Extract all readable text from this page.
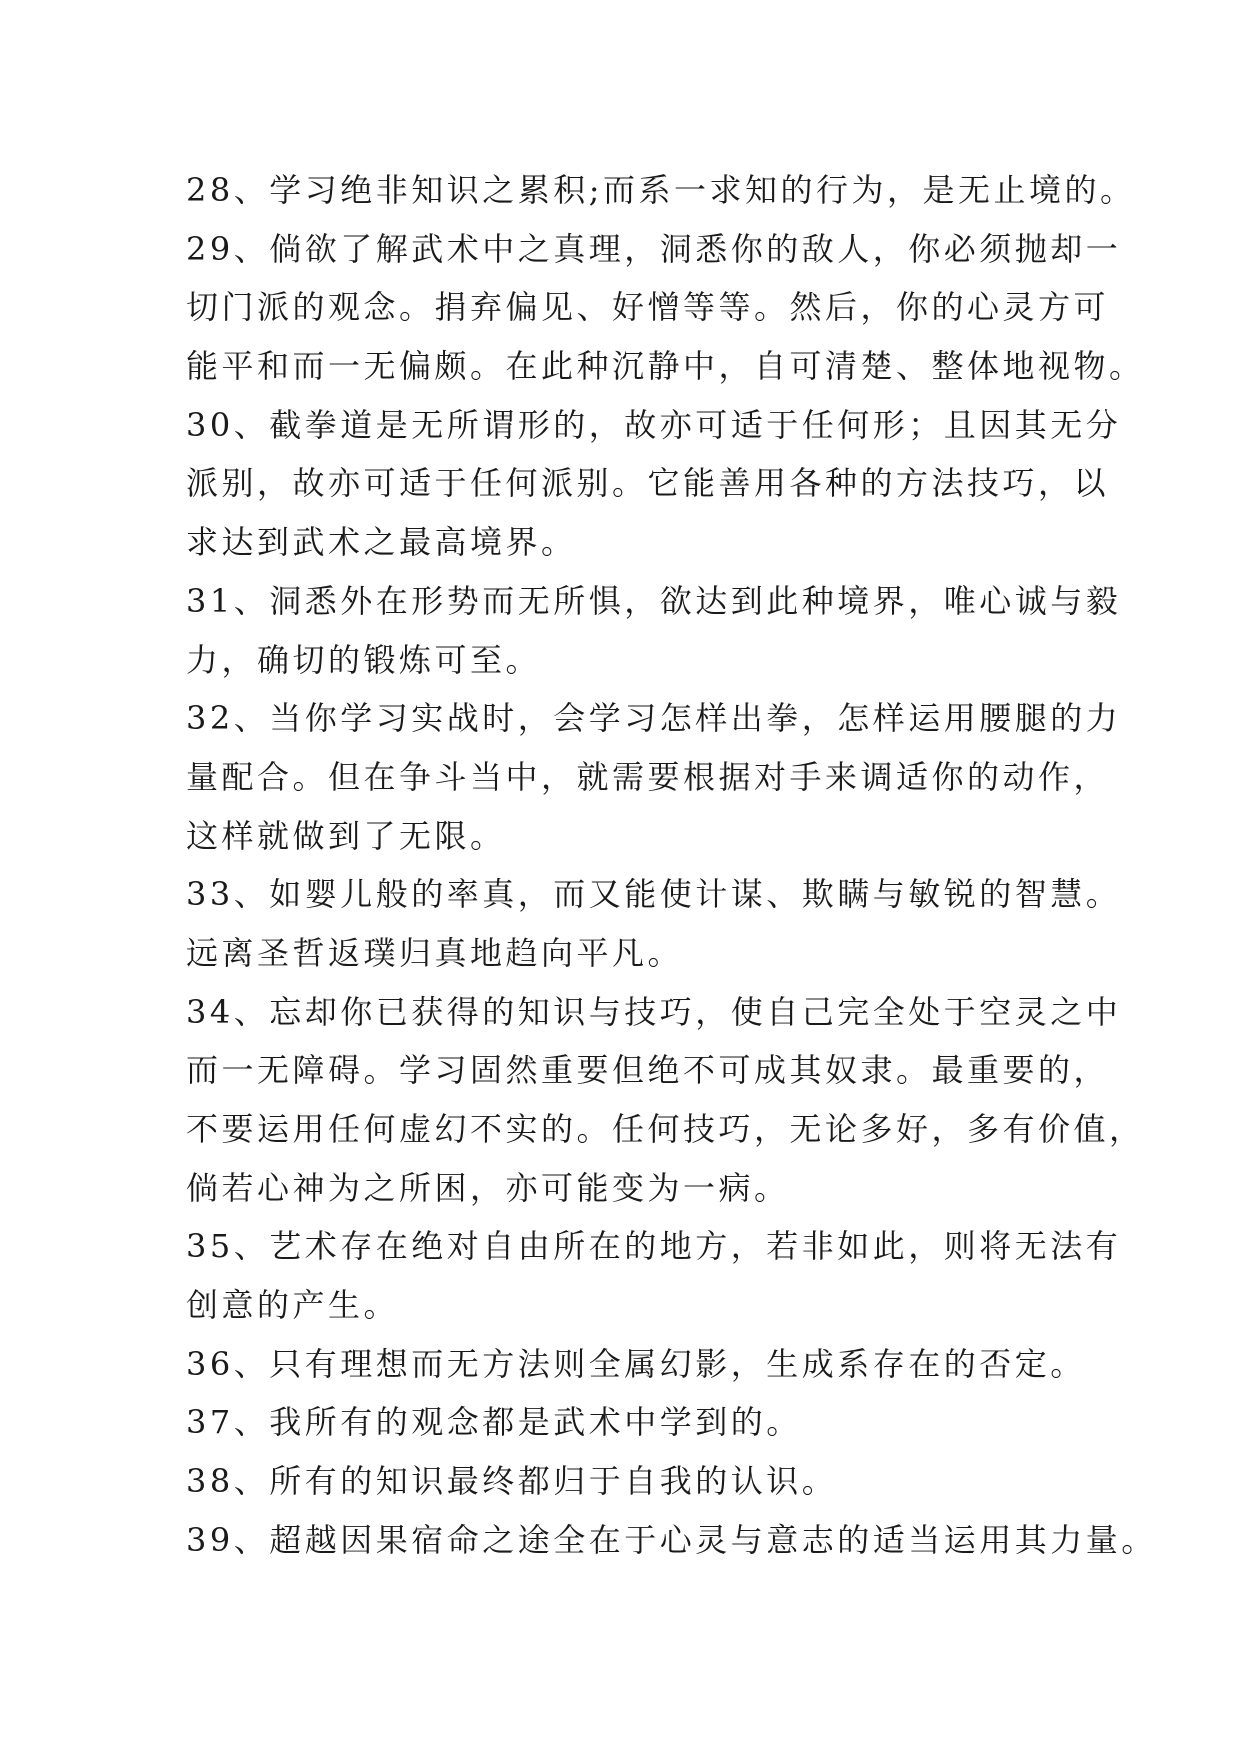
28、学习绝非知识之累积;而系一求知的行为，是无止境的。

29、倘欲了解武术中之真理，洞悉你的敌人，你必须抛却一
切门派的观念。捐弃偏见、好憎等等。然后，你的心灵方可
能平和而一无偏颇。在此种沉静中，自可清楚、整体地视物。

30、截拳道是无所谓形的，故亦可适于任何形；且因其无分
派别，故亦可适于任何派别。它能善用各种的方法技巧，以
求达到武术之最高境界。

31、洞悉外在形势而无所惧，欲达到此种境界，唯心诚与毅
力，确切的锻炼可至。

32、当你学习实战时，会学习怎样出拳，怎样运用腰腿的力
量配合。但在争斗当中，就需要根据对手来调适你的动作，
这样就做到了无限。

33、如婴儿般的率真，而又能使计谋、欺瞒与敏锐的智慧。
远离圣哲返璞归真地趋向平凡。

34、忘却你已获得的知识与技巧，使自己完全处于空灵之中
而一无障碍。学习固然重要但绝不可成其奴隶。最重要的，
不要运用任何虚幻不实的。任何技巧，无论多好，多有价值，
倘若心神为之所困，亦可能变为一病。

35、艺术存在绝对自由所在的地方，若非如此，则将无法有
创意的产生。

36、只有理想而无方法则全属幻影，生成系存在的否定。

37、我所有的观念都是武术中学到的。

38、所有的知识最终都归于自我的认识。

39、超越因果宿命之途全在于心灵与意志的适当运用其力量。
